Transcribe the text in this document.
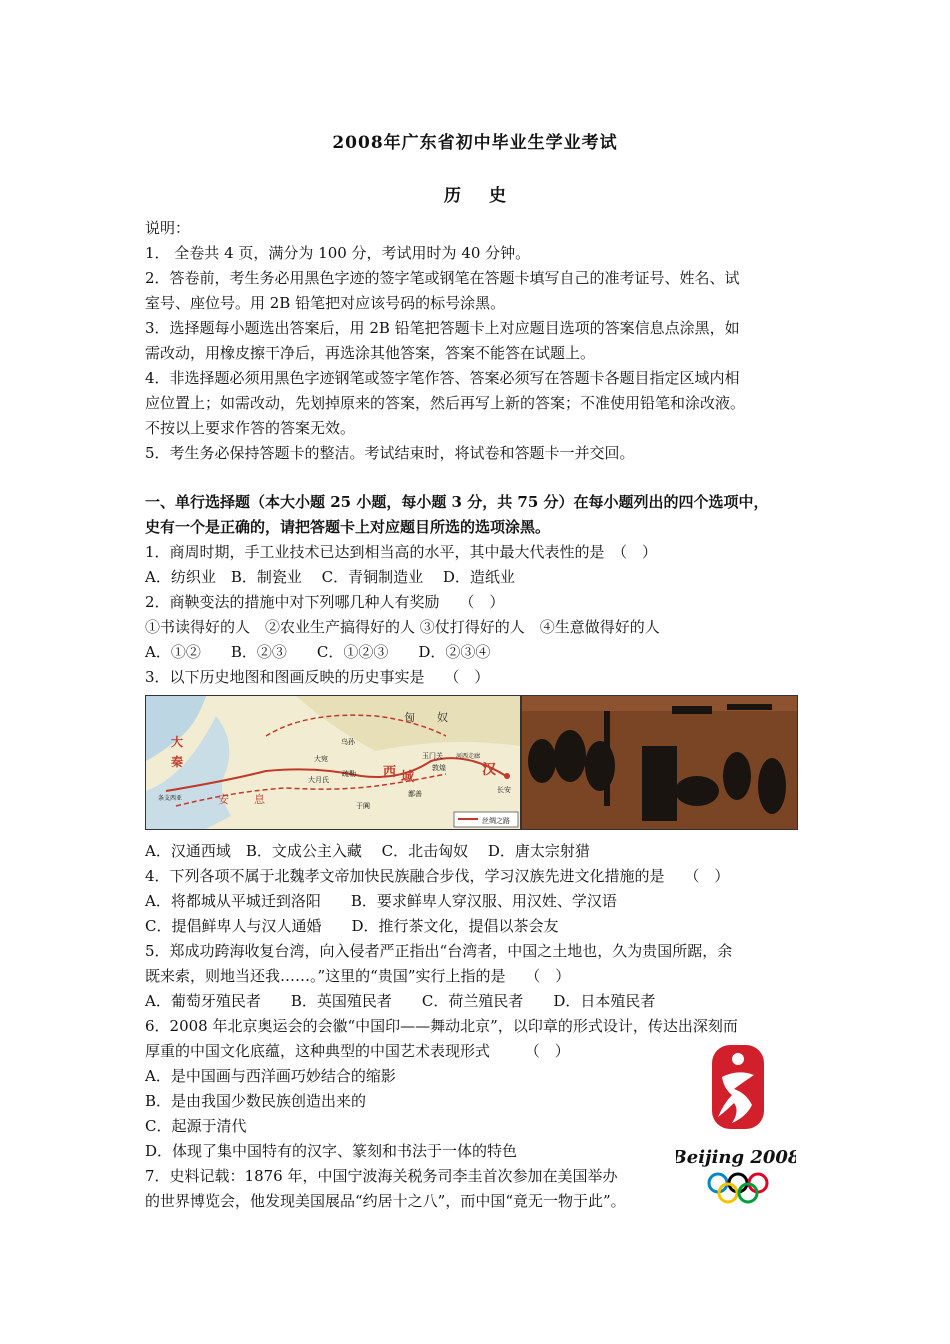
2008年广东省初中毕业生学业考试
历 史
说明：
1． 全卷共 4 页，满分为 100 分，考试用时为 40 分钟。
2．答卷前，考生务必用黑色字迹的签字笔或钢笔在答题卡填写自己的准考证号、姓名、试
室号、座位号。用 2B 铅笔把对应该号码的标号涂黑。
3．选择题每小题选出答案后，用 2B 铅笔把答题卡上对应题目选项的答案信息点涂黑，如
需改动，用橡皮擦干净后，再选涂其他答案，答案不能答在试题上。
4．非选择题必须用黑色字迹钢笔或签字笔作答、答案必须写在答题卡各题目指定区域内相
应位置上；如需改动，先划掉原来的答案，然后再写上新的答案；不准使用铅笔和涂改液。
不按以上要求作答的答案无效。
5．考生务必保持答题卡的整洁。考试结束时，将试卷和答题卡一并交回。
一、单行选择题（本大小题 25 小题，每小题 3 分，共 75 分）在每小题列出的四个选项中，
史有一个是正确的，请把答题卡上对应题目所选的选项涂黑。
1．商周时期，手工业技术已达到相当高的水平，其中最大代表性的是　（　）
A．纺织业　B．制瓷业　 C．青铜制造业　 D．造纸业
2．商鞅变法的措施中对下列哪几种人有奖励　 （　）
①书读得好的人　②农业生产搞得好的人 ③仗打得好的人　④生意做得好的人
A．①②　　B．②③　　C．①②③　　D．②③④
3．以下历史地图和图画反映的历史事实是　 （　）
匈　　奴
大宛
乌孙
大
秦
安 息
大月氏
疏勒
于阗
西 域
鄯善
玉门关
敦煌
河西走廊
汉
长安
条支西亚
丝绸之路
A．汉通西域　B．文成公主入藏　 C．北击匈奴　 D．唐太宗射猎
4．下列各项不属于北魏孝文帝加快民族融合步伐，学习汉族先进文化措施的是　 （　）
A．将都城从平城迁到洛阳　　B．要求鲜卑人穿汉服、用汉姓、学汉语
C．提倡鲜卑人与汉人通婚　　D．推行茶文化，提倡以茶会友
5．郑成功跨海收复台湾，向入侵者严正指出“台湾者，中国之土地也，久为贵国所踞，余
既来索，则地当还我……。”这里的“贵国”实行上指的是　 （　）
A．葡萄牙殖民者　　B．英国殖民者　　C．荷兰殖民者　　D．日本殖民者
6．2008 年北京奥运会的会徽“中国印——舞动北京”，以印章的形式设计，传达出深刻而
厚重的中国文化底蕴，这种典型的中国艺术表现形式　　 （　）
A．是中国画与西洋画巧妙结合的缩影
B．是由我国少数民族创造出来的
C．起源于清代
D．体现了集中国特有的汉字、篆刻和书法于一体的特色
7．史料记载：1876 年，中国宁波海关税务司李圭首次参加在美国举办
的世界博览会，他发现美国展品“约居十之八”，而中国“竟无一物于此”。
Beijing 2008
